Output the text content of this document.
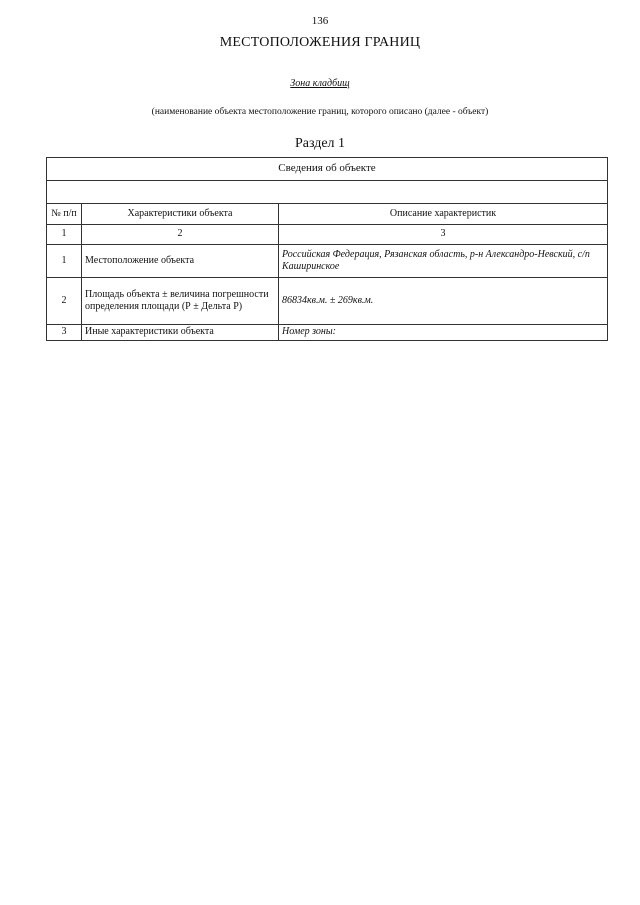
136
МЕСТОПОЛОЖЕНИЯ ГРАНИЦ
Зона кладбищ
(наименование объекта местоположение границ, которого описано (далее - объект)
Раздел 1
Сведения об объекте		

№ п/п	Характеристики объекта	Описание характеристик
1	2	3
1	Местоположение объекта	Российская Федерация, Рязанская область, р-н Александро-Невский, с/п Каширинское
2	Площадь объекта ± величина погрешности определения площади (Р ± Дельта Р)	86834кв.м. ± 269кв.м.
3	Иные характеристики объекта	Номер зоны:
